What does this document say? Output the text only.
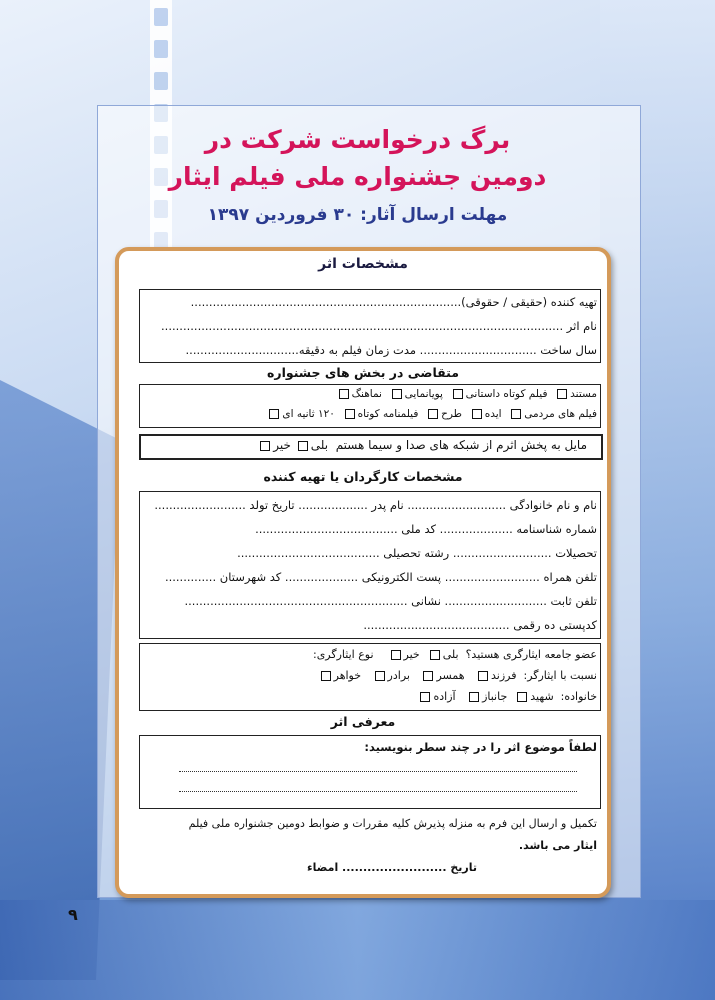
برگ درخواست شرکت در
دومین جشنواره ملی فیلم ایثار
مهلت ارسال آثار: ۳۰ فروردین ۱۳۹۷
مشخصات اثر
تهیه کننده (حقیقی / حقوقی)..........................................................................
نام اثر ..............................................................................................................
سال ساخت ................................ مدت زمان فیلم به دقیقه...............................
متقاضی در بخش های جشنواره
مستند  فیلم کوتاه داستانی  پویانمایی  نماهنگ
فیلم های مردمی  ایده  طرح  فیلمنامه کوتاه  ۱۲۰ ثانیه ای
مایل به پخش اثرم از شبکه های صدا و سیما هستم  بلی خیر
مشخصات کارگردان یا تهیه کننده
نام و نام خانوادگی ........................... نام پدر ................... تاریخ تولد .........................
شماره شناسنامه .................... کد ملی .......................................
تحصیلات ........................... رشته تحصیلی .......................................
تلفن همراه .......................... پست الکترونیکی .................... کد شهرستان ..............
تلفن ثابت ............................ نشانی .............................................................
کدپستی ده رقمی ........................................
عضو جامعه ایثارگری هستید؟  بلی  خیر    نوع ایثارگری:
نسبت با ایثارگر:  فرزند   همسر   برادر   خواهر
خانواده:  شهید  جانباز   آزاده
معرفی اثر
لطفاً موضوع اثر را در چند سطر بنویسید:
تکمیل و ارسال این فرم به منزله پذیرش کلیه مقررات و ضوابط دومین جشنواره ملی فیلم
ایثار می باشد.
تاریخ ......................... امضاء
۹
